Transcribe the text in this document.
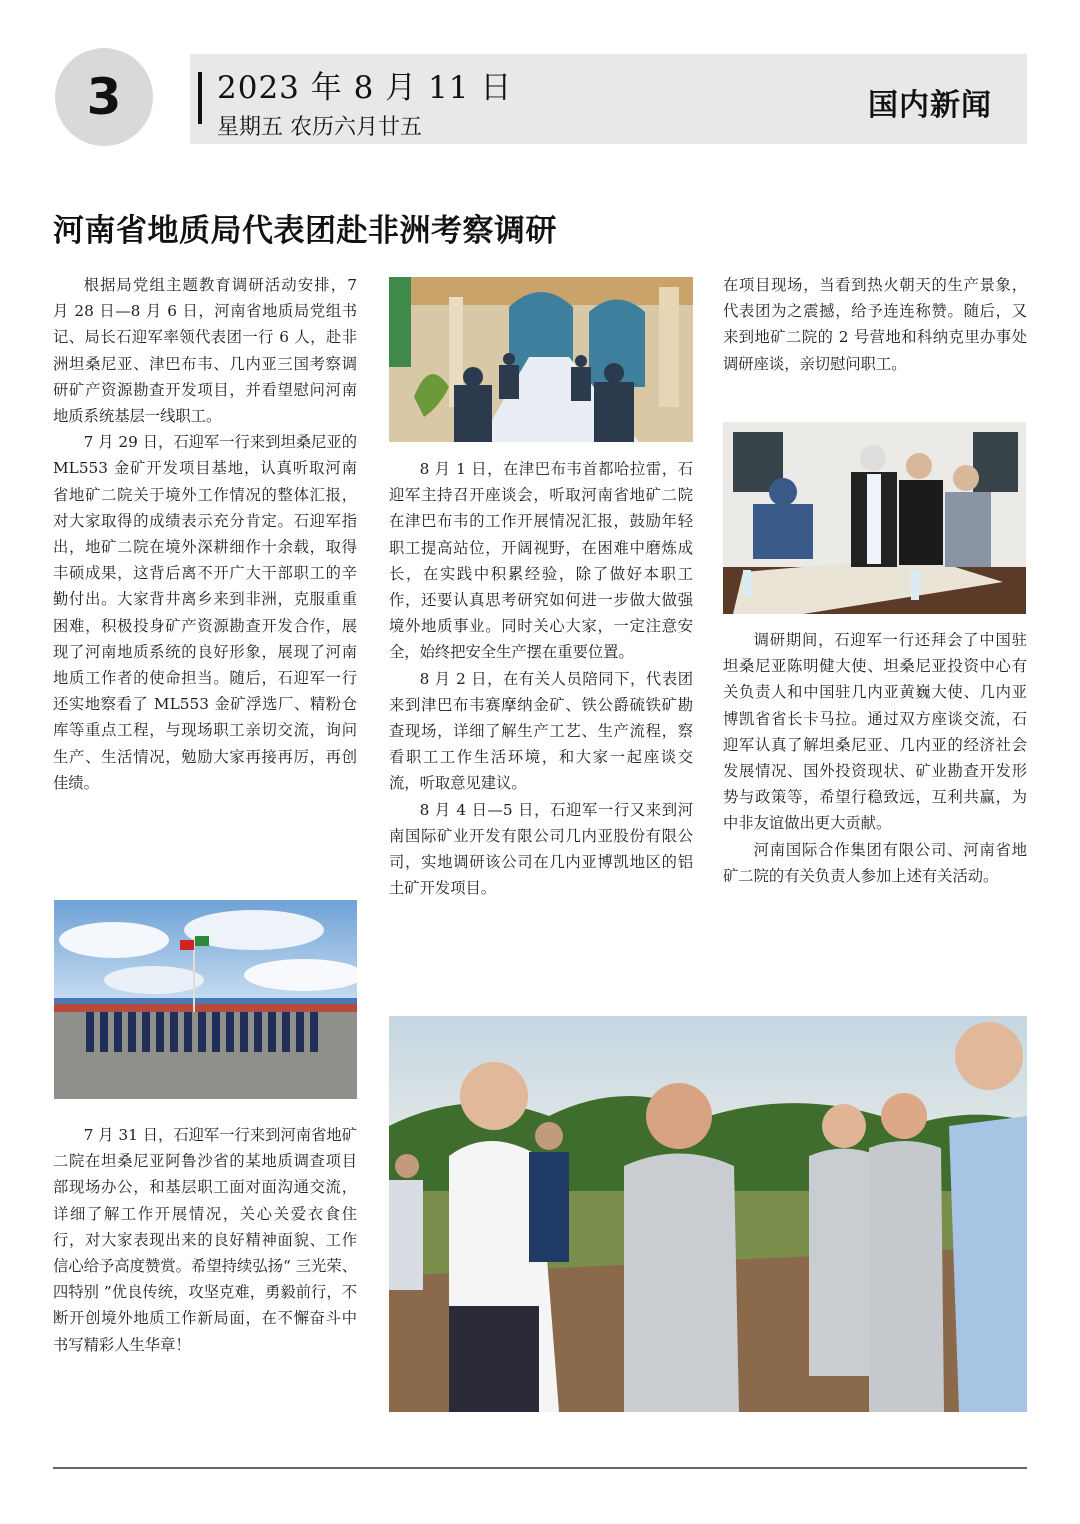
3	2023 年 8 月 11 日
星期五 农历六月廿五
国内新闻
河南省地质局代表团赴非洲考察调研

根据局党组主题教育调研活动安排，7 月 28 日—8 月 6 日，河南省地质局党组书记、局长石迎军率领代表团一行 6 人，赴非洲坦桑尼亚、津巴布韦、几内亚三国考察调研矿产资源勘查开发项目，并看望慰问河南地质系统基层一线职工。

7 月 29 日，石迎军一行来到坦桑尼亚的 ML553 金矿开发项目基地，认真听取河南省地矿二院关于境外工作情况的整体汇报，对大家取得的成绩表示充分肯定。石迎军指出，地矿二院在境外深耕细作十余载，取得丰硕成果，这背后离不开广大干部职工的辛勤付出。大家背井离乡来到非洲，克服重重困难，积极投身矿产资源勘查开发合作，展现了河南地质系统的良好形象，展现了河南地质工作者的使命担当。随后，石迎军一行还实地察看了 ML553 金矿浮选厂、精粉仓库等重点工程，与现场职工亲切交流，询问生产、生活情况，勉励大家再接再厉，再创佳绩。

7 月 31 日，石迎军一行来到河南省地矿二院在坦桑尼亚阿鲁沙省的某地质调查项目部现场办公，和基层职工面对面沟通交流，详细了解工作开展情况，关心关爱衣食住行，对大家表现出来的良好精神面貌、工作信心给予高度赞赏。希望持续弘扬“ 三光荣、四特别 ”优良传统，攻坚克难，勇毅前行，不断开创境外地质工作新局面，在不懈奋斗中书写精彩人生华章！

8 月 1 日，在津巴布韦首都哈拉雷，石迎军主持召开座谈会，听取河南省地矿二院在津巴布韦的工作开展情况汇报，鼓励年轻职工提高站位，开阔视野，在困难中磨炼成长，在实践中积累经验，除了做好本职工作，还要认真思考研究如何进一步做大做强境外地质事业。同时关心大家，一定注意安全，始终把安全生产摆在重要位置。

8 月 2 日，在有关人员陪同下，代表团来到津巴布韦赛摩纳金矿、铁公爵硫铁矿勘查现场，详细了解生产工艺、生产流程，察看职工工作生活环境，和大家一起座谈交流，听取意见建议。

8 月 4 日—5 日，石迎军一行又来到河南国际矿业开发有限公司几内亚股份有限公司，实地调研该公司在几内亚博凯地区的铝土矿开发项目。

在项目现场，当看到热火朝天的生产景象，代表团为之震撼，给予连连称赞。随后，又来到地矿二院的 2 号营地和科纳克里办事处调研座谈，亲切慰问职工。

调研期间，石迎军一行还拜会了中国驻坦桑尼亚陈明健大使、坦桑尼亚投资中心有关负责人和中国驻几内亚黄巍大使、几内亚博凯省省长卡马拉。通过双方座谈交流，石迎军认真了解坦桑尼亚、几内亚的经济社会发展情况、国外投资现状、矿业勘查开发形势与政策等，希望行稳致远，互利共赢，为中非友谊做出更大贡献。

河南国际合作集团有限公司、河南省地矿二院的有关负责人参加上述有关活动。
